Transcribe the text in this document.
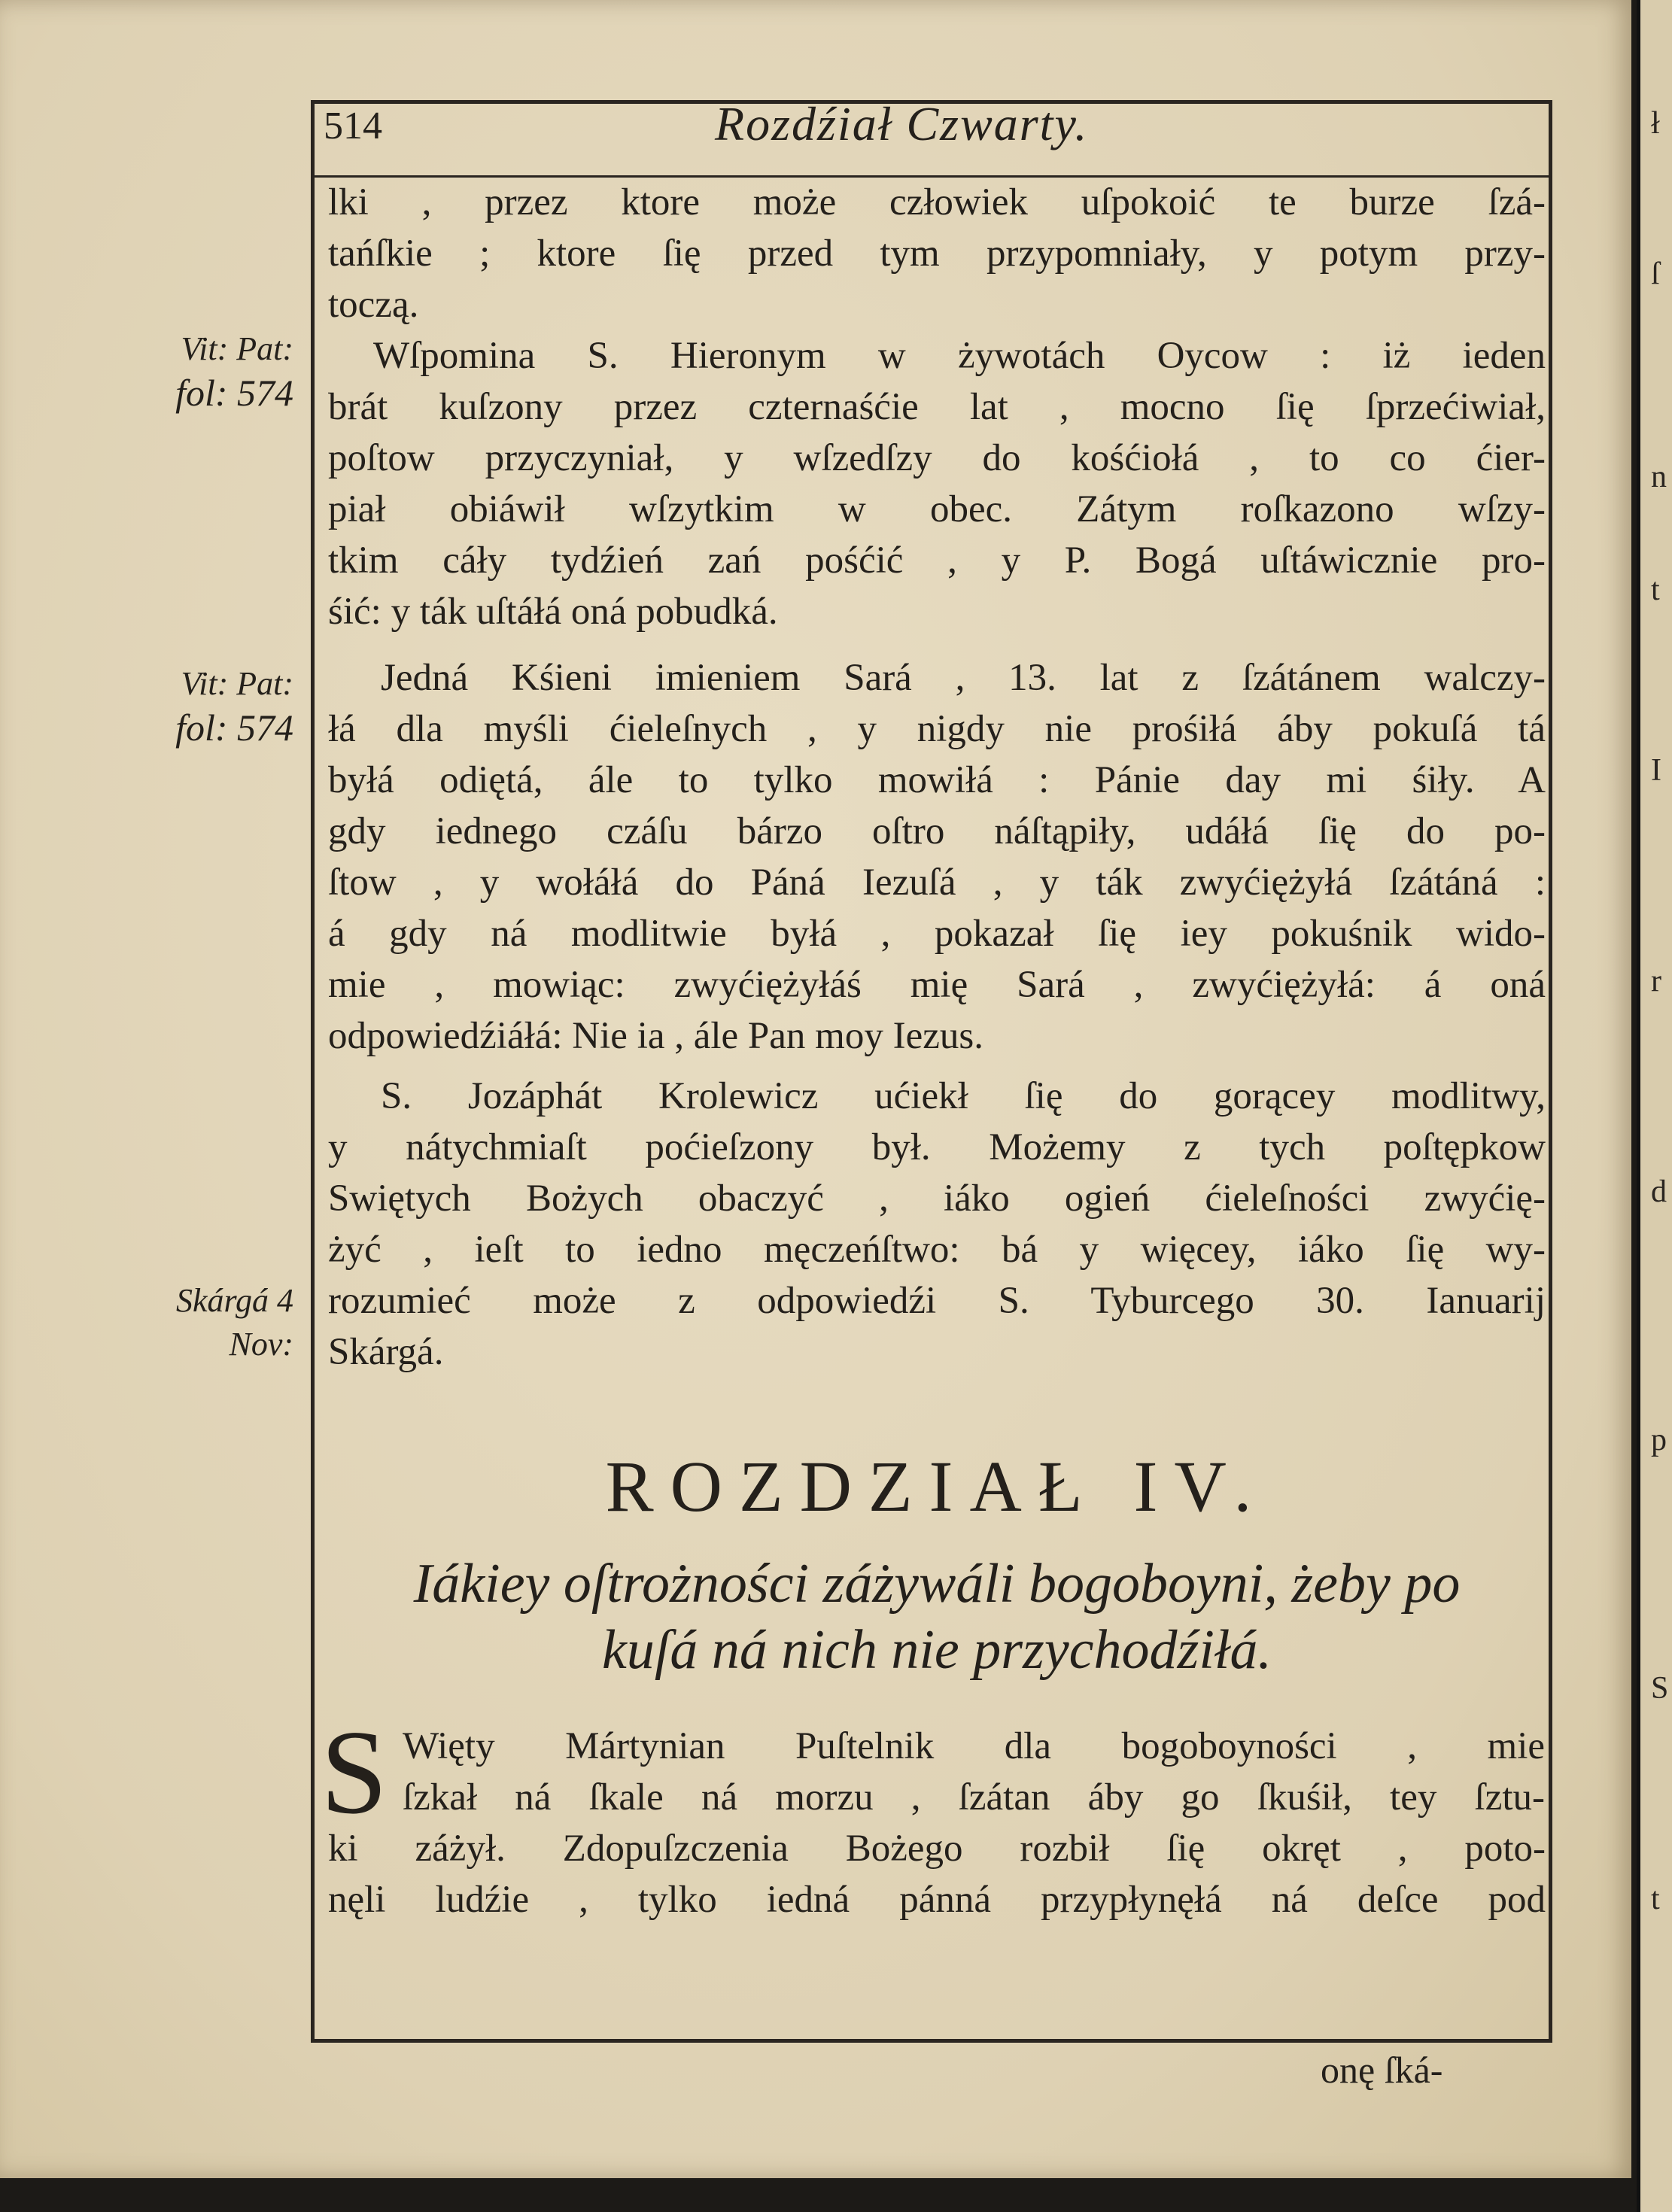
514	Rozdźiał Czwarty.
Vit: Pat:
fol: 574
Vit: Pat:
fol: 574
Skárgá 4
Nov:
lki , przez ktore może człowiek uſpokoić te burze ſzá-
tańſkie ; ktore ſię przed tym przypomniały, y potym przy-
toczą.
Wſpomina S. Hieronym w żywotách Oycow : iż ieden
brát kuſzony przez czternaśćie lat , mocno ſię ſprzećiwiał,
poſtow przyczyniał, y wſzedſzy do kośćiołá , to co ćier-
piał obiáwił wſzytkim w obec. Zátym roſkazono wſzy-
tkim cáły tydźień zań pośćić , y P. Bogá uſtáwicznie pro-
śić: y ták uſtáłá oná pobudká.
Jedná Kśieni imieniem Sará , 13. lat z ſzátánem walczy-
łá dla myśli ćieleſnych , y nigdy nie prośiłá áby pokuſá tá
byłá odiętá, ále to tylko mowiłá : Pánie day mi śiły. A
gdy iednego czáſu bárzo oſtro náſtąpiły, udáłá ſię do po-
ſtow , y wołáłá do Páná Iezuſá , y ták zwyćiężyłá ſzátáná :
á gdy ná modlitwie byłá , pokazał ſię iey pokuśnik wido-
mie , mowiąc: zwyćiężyłáś mię Sará , zwyćiężyłá: á oná
odpowiedźiáłá: Nie ia , ále Pan moy Iezus.
S. Jozáphát Krolewicz ućiekł ſię do gorącey modlitwy,
y nátychmiaſt poćieſzony był. Możemy z tych poſtępkow
Swiętych Bożych obaczyć , iáko ogień ćieleſności zwyćię-
żyć , ieſt to iedno męczeńſtwo: bá y więcey, iáko ſię wy-
rozumieć może z odpowiedźi S. Tyburcego 30. Ianuarij
Skárgá.
ROZDZIAŁ IV.
Iákiey oſtrożności záżywáli bogoboyni, żeby po
kuſá ná nich nie przychodźiłá.
S Więty Mártynian Puſtelnik dla bogoboyności , mie
ſzkał ná ſkale ná morzu , ſzátan áby go ſkuśił, tey ſztu-
ki záżył. Zdopuſzczenia Bożego rozbił ſię okręt , poto-
nęli ludźie , tylko iedná pánná przypłynęłá ná deſce pod
onę ſká-
ł
ſ
n
t
I
r
d
p
S
t
